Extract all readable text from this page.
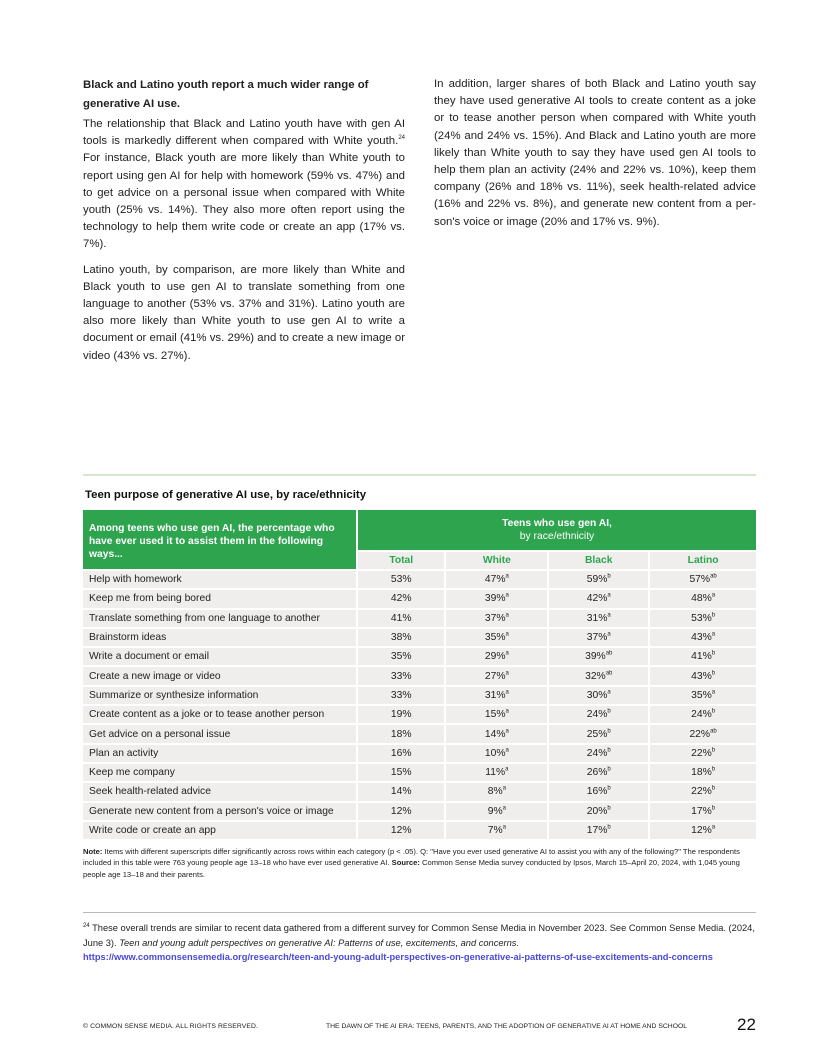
Black and Latino youth report a much wider range of generative AI use.

The relationship that Black and Latino youth have with gen AI tools is markedly different when compared with White youth.$^{24}$ For instance, Black youth are more likely than White youth to report using gen AI for help with homework (59% vs. 47%) and to get advice on a personal issue when compared with White youth (25% vs. 14%). They also more often report using the technology to help them write code or create an app (17% vs. 7%).

Latino youth, by comparison, are more likely than White and Black youth to use gen AI to translate something from one language to another (53% vs. 37% and 31%). Latino youth are also more likely than White youth to use gen AI to write a document or email (41% vs. 29%) and to create a new image or video (43% vs. 27%).

In addition, larger shares of both Black and Latino youth say they have used generative AI tools to create content as a joke or to tease another person when compared with White youth (24% and 24% vs. 15%). And Black and Latino youth are more likely than White youth to say they have used gen AI tools to help them plan an activity (24% and 22% vs. 10%), keep them company (26% and 18% vs. 11%), seek health-related advice (16% and 22% vs. 8%), and generate new content from a per-son's voice or image (20% and 17% vs. 9%).

Teen purpose of generative AI use, by race/ethnicity
Among teens who use gen AI, the percentage who have ever used it to assist them in the following ways...	Teens who use gen AI,
by race/ethnicity			

	Total	White	Black	Latino
Help with homework	53%	47%$^a$	59%$^b$	57%$^{ab}$
Keep me from being bored	42%	39%$^a$	42%$^a$	48%$^a$
Translate something from one language to another	41%	37%$^a$	31%$^a$	53%$^b$
Brainstorm ideas	38%	35%$^a$	37%$^a$	43%$^a$
Write a document or email	35%	29%$^a$	39%$^{ab}$	41%$^b$
Create a new image or video	33%	27%$^a$	32%$^{ab}$	43%$^b$
Summarize or synthesize information	33%	31%$^a$	30%$^a$	35%$^a$
Create content as a joke or to tease another person	19%	15%$^a$	24%$^b$	24%$^b$
Get advice on a personal issue	18%	14%$^a$	25%$^b$	22%$^{ab}$
Plan an activity	16%	10%$^a$	24%$^b$	22%$^b$
Keep me company	15%	11%$^a$	26%$^b$	18%$^b$
Seek health-related advice	14%	8%$^a$	16%$^b$	22%$^b$
Generate new content from a person's voice or image	12%	9%$^a$	20%$^b$	17%$^b$
Write code or create an app	12%	7%$^a$	17%$^b$	12%$^a$
Note: Items with different superscripts differ significantly across rows within each category (p < .05). Q: "Have you ever used generative AI to assist you with any of the following?" The respondents included in this table were 763 young people age 13–18 who have ever used generative AI. Source: Common Sense Media survey conducted by Ipsos, March 15–April 20, 2024, with 1,045 young people age 13–18 and their parents.
$^{24}$ These overall trends are similar to recent data gathered from a different survey for Common Sense Media in November 2023. See Common Sense Media. (2024, June 3). Teen and young adult perspectives on generative AI: Patterns of use, excitements, and concerns.
https://www.commonsensemedia.org/research/teen-and-young-adult-perspectives-on-generative-ai-patterns-of-use-excitements-and-concerns
© COMMON SENSE MEDIA. ALL RIGHTS RESERVED.	THE DAWN OF THE AI ERA: TEENS, PARENTS, AND THE ADOPTION OF GENERATIVE AI AT HOME AND SCHOOL	22
